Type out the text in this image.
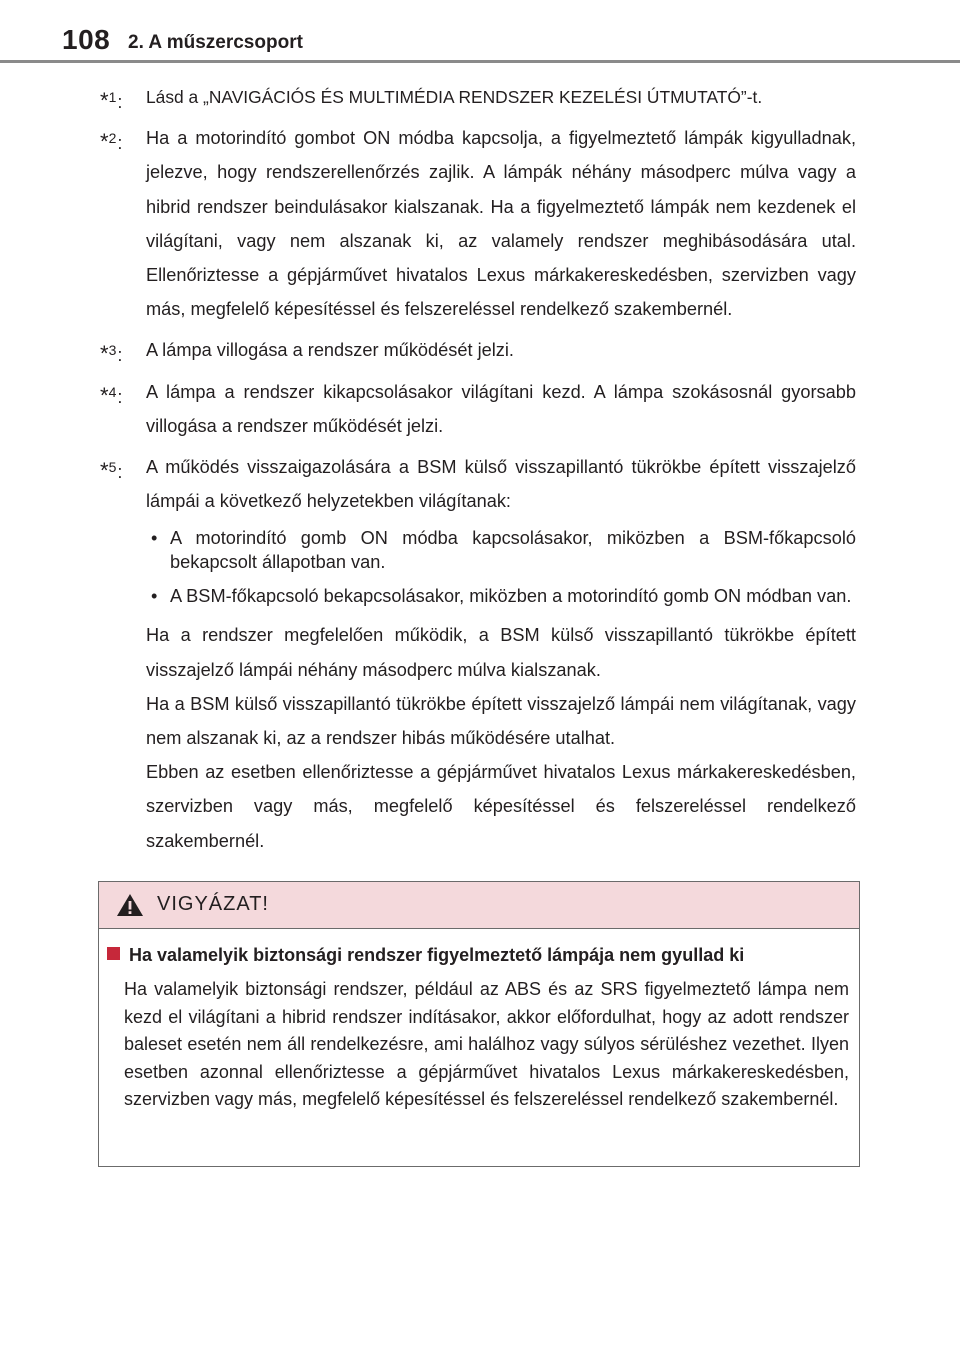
108 2. A műszercsoport
*$^1$:	Lásd a „NAVIGÁCIÓS ÉS MULTIMÉDIA RENDSZER KEZELÉSI ÚTMUTATÓ”-t.
*$^2$:	Ha a motorindító gombot ON módba kapcsolja, a figyelmeztető lámpák kigyulladnak, jelezve, hogy rendszerellenőrzés zajlik. A lámpák néhány másodperc múlva vagy a hibrid rendszer beindulásakor kialszanak. Ha a figyelmeztető lámpák nem kezdenek el világítani, vagy nem alszanak ki, az valamely rendszer meghibásodására utal. Ellenőriztesse a gépjárművet hivatalos Lexus márkakereskedésben, szervizben vagy más, megfelelő képesítéssel és felszereléssel rendelkező szakembernél.
*$^3$:	A lámpa villogása a rendszer működését jelzi.
*$^4$:	A lámpa a rendszer kikapcsolásakor világítani kezd. A lámpa szokásosnál gyorsabb villogása a rendszer működését jelzi.
*$^5$:	A működés visszaigazolására a BSM külső visszapillantó tükrökbe épített visszajelző lámpái a következő helyzetekben világítanak:
• A motorindító gomb ON módba kapcsolásakor, miközben a BSM-főkapcsoló bekapcsolt állapotban van.
• A BSM-főkapcsoló bekapcsolásakor, miközben a motorindító gomb ON módban van.
Ha a rendszer megfelelően működik, a BSM külső visszapillantó tükrökbe épített visszajelző lámpái néhány másodperc múlva kialszanak.
Ha a BSM külső visszapillantó tükrökbe épített visszajelző lámpái nem világítanak, vagy nem alszanak ki, az a rendszer hibás működésére utalhat.
Ebben az esetben ellenőriztesse a gépjárművet hivatalos Lexus márkakereskedésben, szervizben vagy más, megfelelő képesítéssel és felszereléssel rendelkező szakembernél.
VIGYÁZAT!
Ha valamelyik biztonsági rendszer figyelmeztető lámpája nem gyullad ki
Ha valamelyik biztonsági rendszer, például az ABS és az SRS figyelmeztető lámpa nem kezd el világítani a hibrid rendszer indításakor, akkor előfordulhat, hogy az adott rendszer baleset esetén nem áll rendelkezésre, ami halálhoz vagy súlyos sérüléshez vezethet. Ilyen esetben azonnal ellenőriztesse a gépjárművet hivatalos Lexus márkakereskedésben, szervizben vagy más, megfelelő képesítéssel és felszereléssel rendelkező szakembernél.
